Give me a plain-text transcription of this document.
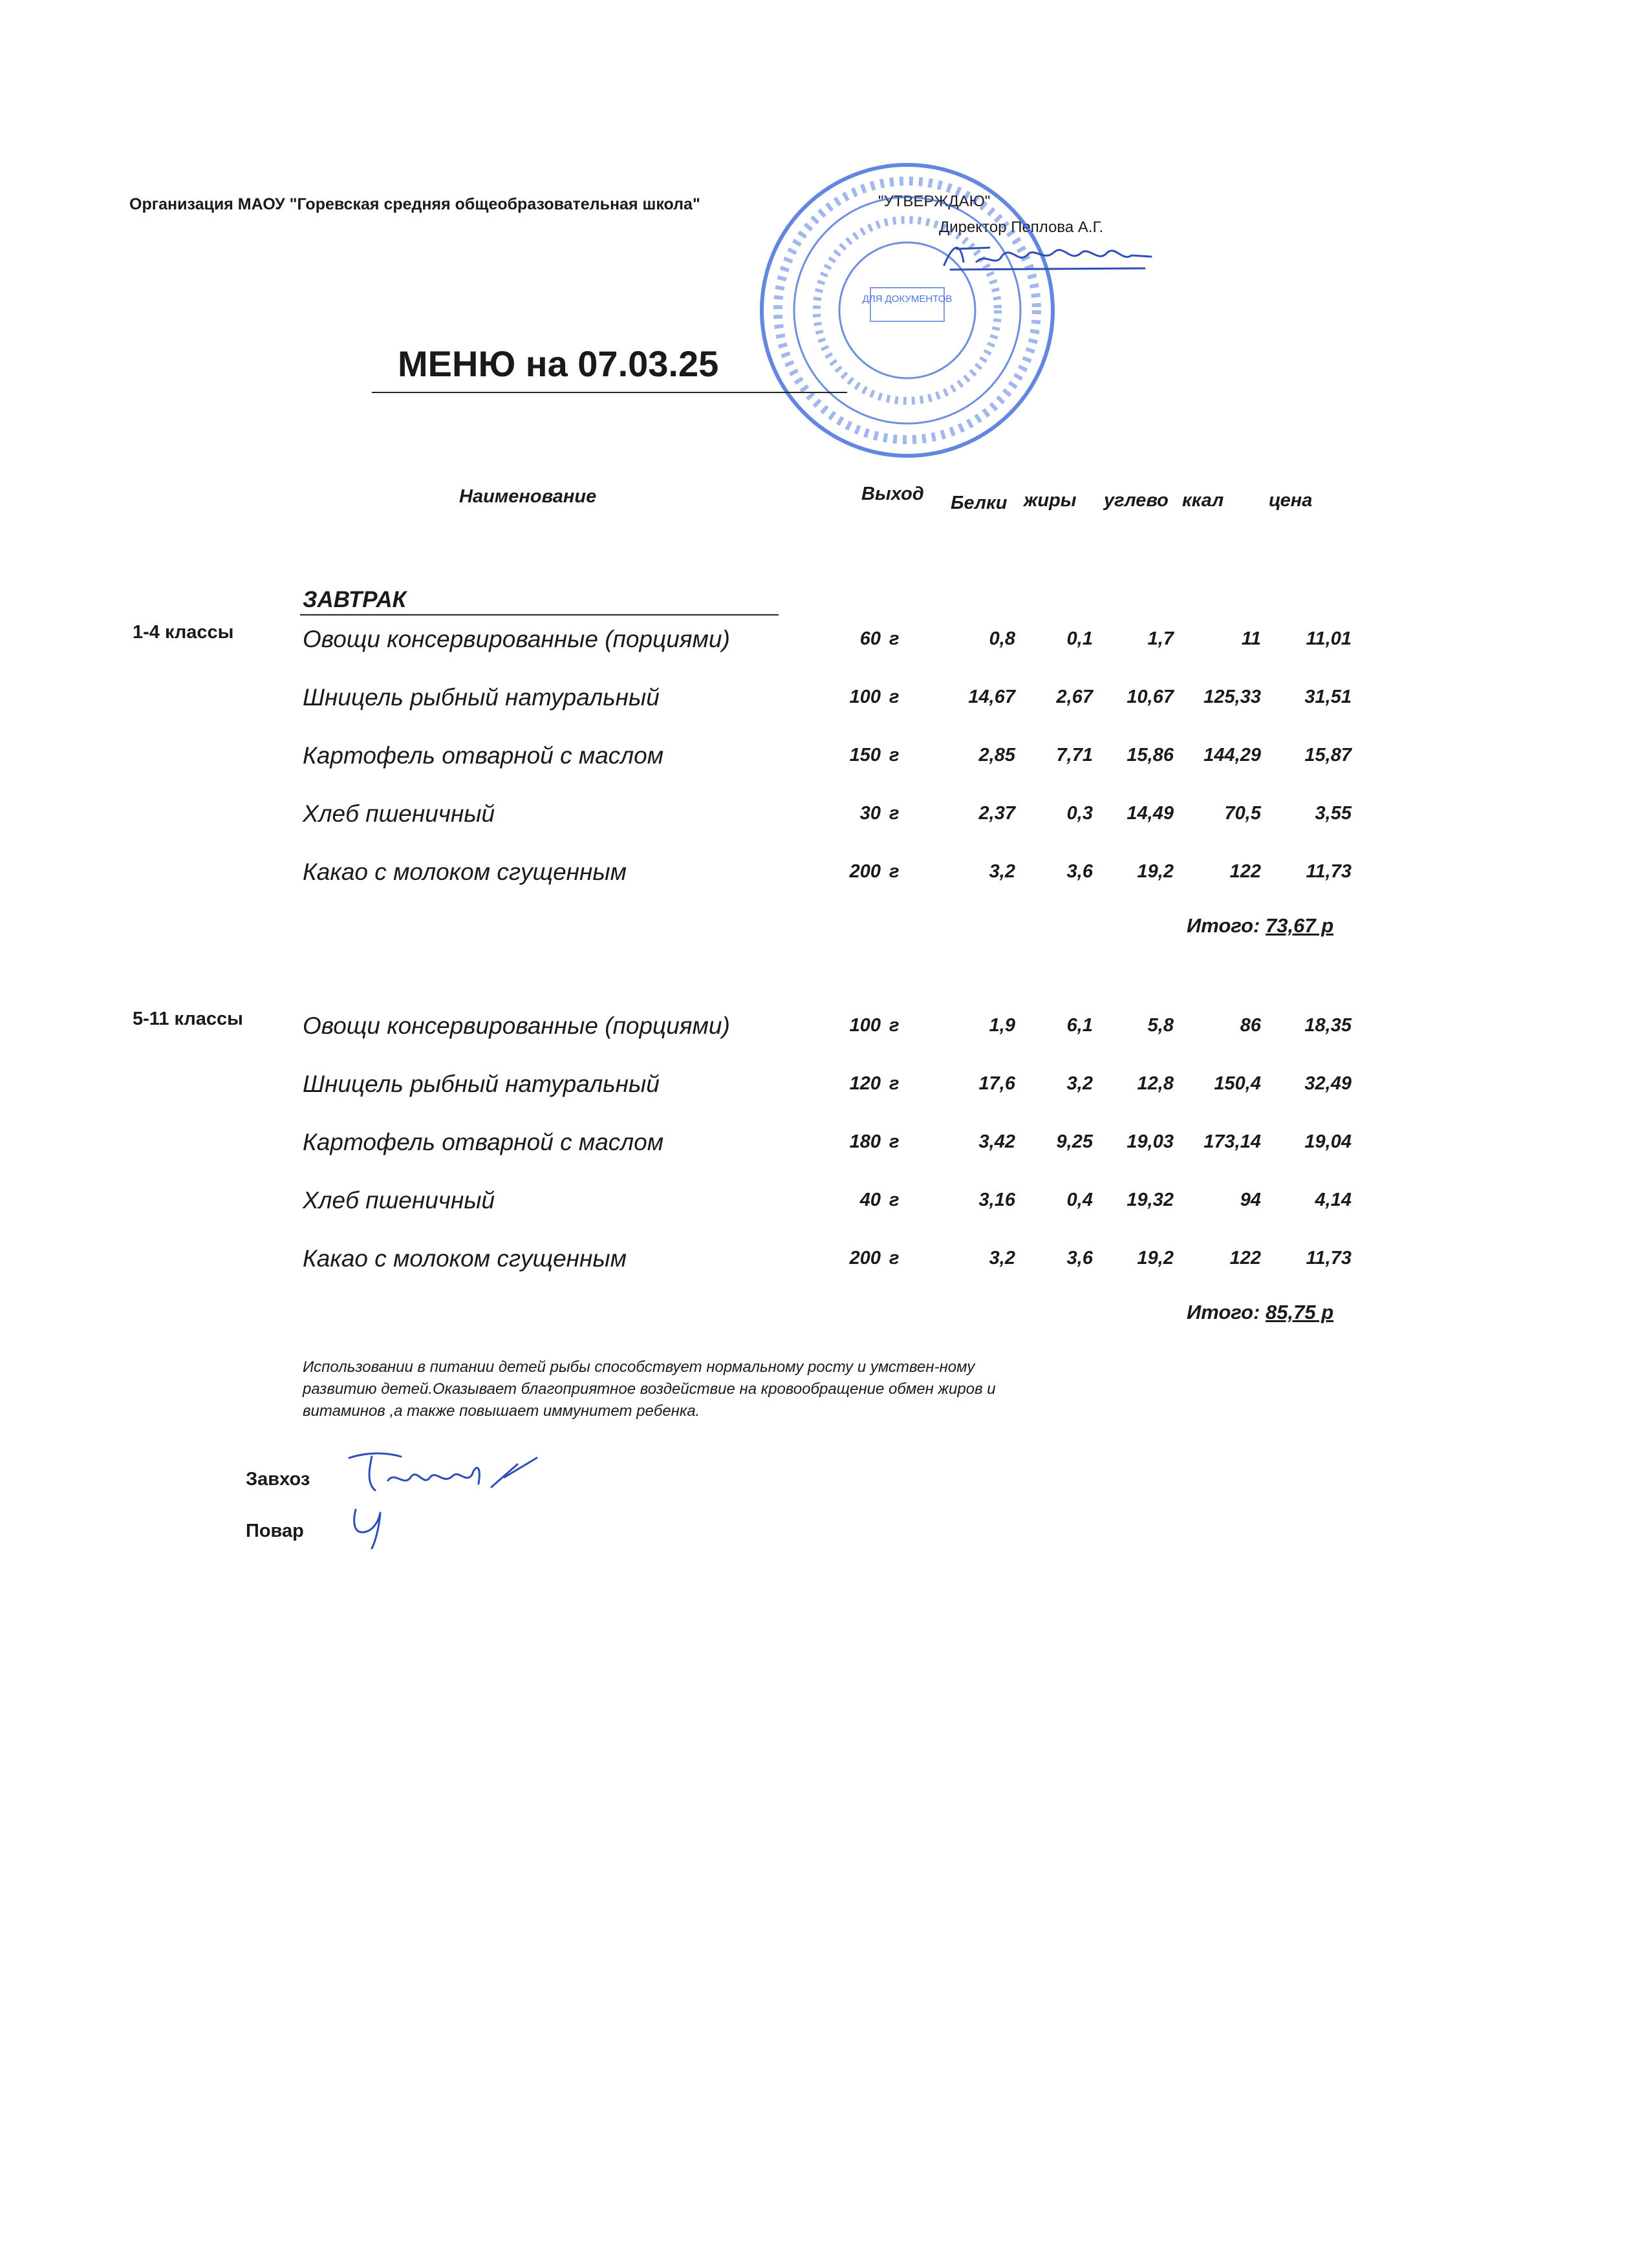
Организация МАОУ "Горевская средняя общеобразовательная школа"	"УТВЕРЖДАЮ"
Директор Пеплова А.Г.
ДЛЯ ДОКУМЕНТОВ
МЕНЮ на 07.03.25
Наименование	Выход Белки жиры углево ккал цена
ЗАВТРАК
1-4 классы	Овощи консервированные (порциями)	60 г	0,8	0,1	1,7	11	11,01
Шницель рыбный натуральный	100 г	14,67	2,67	10,67	125,33	31,51
Картофель отварной с маслом	150 г	2,85	7,71	15,86	144,29	15,87
Хлеб пшеничный	30 г	2,37	0,3	14,49	70,5	3,55
Какао с молоком сгущенным	200 г	3,2	3,6	19,2	122	11,73
Итого: 73,67 р
5-11 классы Овощи консервированные (порциями)	100 г	1,9	6,1	5,8	86	18,35
Шницель рыбный натуральный	120 г	17,6	3,2	12,8	150,4	32,49
Картофель отварной с маслом	180 г	3,42	9,25	19,03	173,14	19,04
Хлеб пшеничный	40 г	3,16	0,4	19,32	94	4,14
Какао с молоком сгущенным	200 г	3,2	3,6	19,2	122	11,73
Итого: 85,75 р
Использовании в питании детей рыбы способствует нормальному росту и умствен-ному развитию детей.Оказывает благоприятное воздействие на кровообращение обмен жиров и витаминов ,а также повышает иммунитет ребенка.
Завхоз
Повар
